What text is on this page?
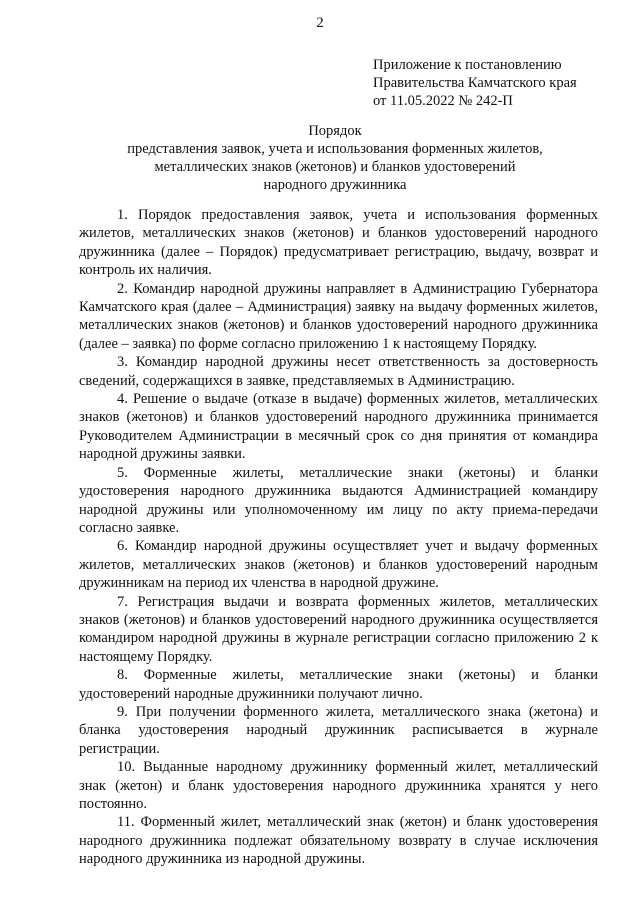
2
Приложение к постановлению
Правительства Камчатского края
от 11.05.2022 № 242-П
Порядок
представления заявок, учета и использования форменных жилетов,
металлических знаков (жетонов) и бланков удостоверений
народного дружинника

1. Порядок предоставления заявок, учета и использования форменных жилетов, металлических знаков (жетонов) и бланков удостоверений народного дружинника (далее – Порядок) предусматривает регистрацию, выдачу, возврат и контроль их наличия.

2. Командир народной дружины направляет в Администрацию Губернатора Камчатского края (далее – Администрация) заявку на выдачу форменных жилетов, металлических знаков (жетонов) и бланков удостоверений народного дружинника (далее – заявка) по форме согласно приложению 1 к настоящему Порядку.

3. Командир народной дружины несет ответственность за достоверность сведений, содержащихся в заявке, представляемых в Администрацию.

4. Решение о выдаче (отказе в выдаче) форменных жилетов, металлических знаков (жетонов) и бланков удостоверений народного дружинника принимается Руководителем Администрации в месячный срок со дня принятия от командира народной дружины заявки.

5. Форменные жилеты, металлические знаки (жетоны) и бланки удостоверения народного дружинника выдаются Администрацией командиру народной дружины или уполномоченному им лицу по акту приема-передачи согласно заявке.

6. Командир народной дружины осуществляет учет и выдачу форменных жилетов, металлических знаков (жетонов) и бланков удостоверений народным дружинникам на период их членства в народной дружине.

7. Регистрация выдачи и возврата форменных жилетов, металлических знаков (жетонов) и бланков удостоверений народного дружинника осуществляется командиром народной дружины в журнале регистрации согласно приложению 2 к настоящему Порядку.

8. Форменные жилеты, металлические знаки (жетоны) и бланки удостоверений народные дружинники получают лично.

9. При получении форменного жилета, металлического знака (жетона) и бланка удостоверения народный дружинник расписывается в журнале регистрации.

10. Выданные народному дружиннику форменный жилет, металлический знак (жетон) и бланк удостоверения народного дружинника хранятся у него постоянно.

11. Форменный жилет, металлический знак (жетон) и бланк удостоверения народного дружинника подлежат обязательному возврату в случае исключения народного дружинника из народной дружины.
